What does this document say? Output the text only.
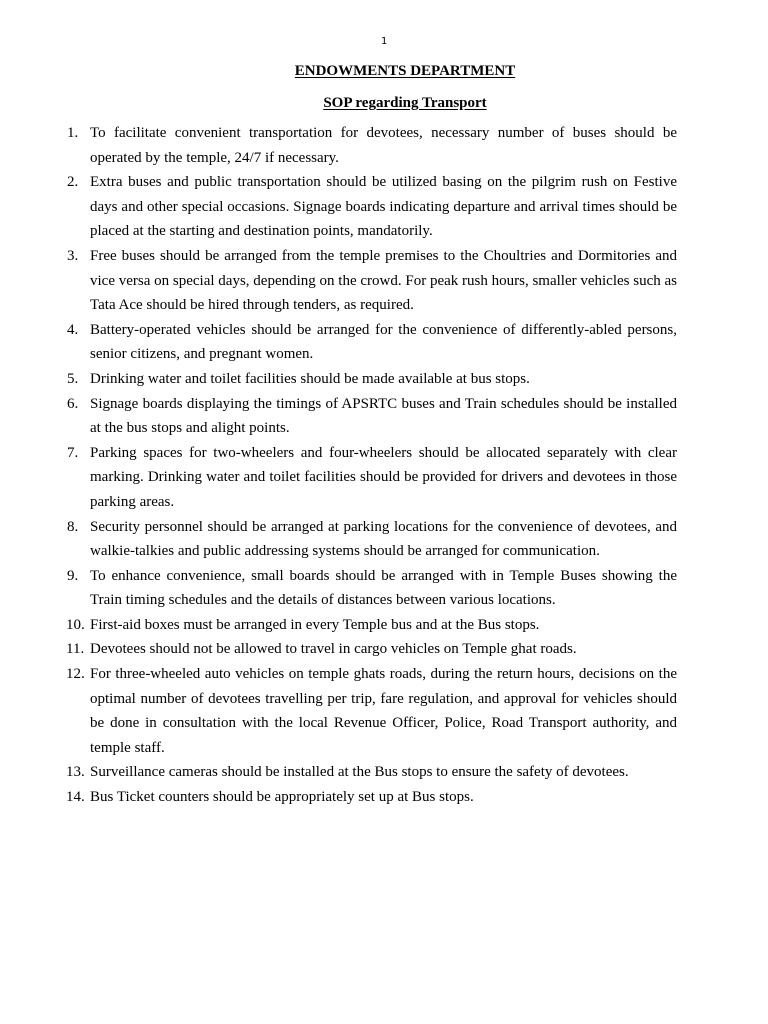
1
ENDOWMENTS DEPARTMENT
SOP regarding Transport
1. To facilitate convenient transportation for devotees, necessary number of buses should be operated by the temple, 24/7 if necessary.
2. Extra buses and public transportation should be utilized basing on the pilgrim rush on Festive days and other special occasions. Signage boards indicating departure and arrival times should be placed at the starting and destination points, mandatorily.
3. Free buses should be arranged from the temple premises to the Choultries and Dormitories and vice versa on special days, depending on the crowd. For peak rush hours, smaller vehicles such as Tata Ace should be hired through tenders, as required.
4. Battery-operated vehicles should be arranged for the convenience of differently-abled persons, senior citizens, and pregnant women.
5. Drinking water and toilet facilities should be made available at bus stops.
6. Signage boards displaying the timings of APSRTC buses and Train schedules should be installed at the bus stops and alight points.
7. Parking spaces for two-wheelers and four-wheelers should be allocated separately with clear marking. Drinking water and toilet facilities should be provided for drivers and devotees in those parking areas.
8. Security personnel should be arranged at parking locations for the convenience of devotees, and walkie-talkies and public addressing systems should be arranged for communication.
9. To enhance convenience, small boards should be arranged with in Temple Buses showing the Train timing schedules and the details of distances between various locations.
10. First-aid boxes must be arranged in every Temple bus and at the Bus stops.
11. Devotees should not be allowed to travel in cargo vehicles on Temple ghat roads.
12. For three-wheeled auto vehicles on temple ghats roads, during the return hours, decisions on the optimal number of devotees travelling per trip, fare regulation, and approval for vehicles should be done in consultation with the local Revenue Officer, Police, Road Transport authority, and temple staff.
13. Surveillance cameras should be installed at the Bus stops to ensure the safety of devotees.
14. Bus Ticket counters should be appropriately set up at Bus stops.
